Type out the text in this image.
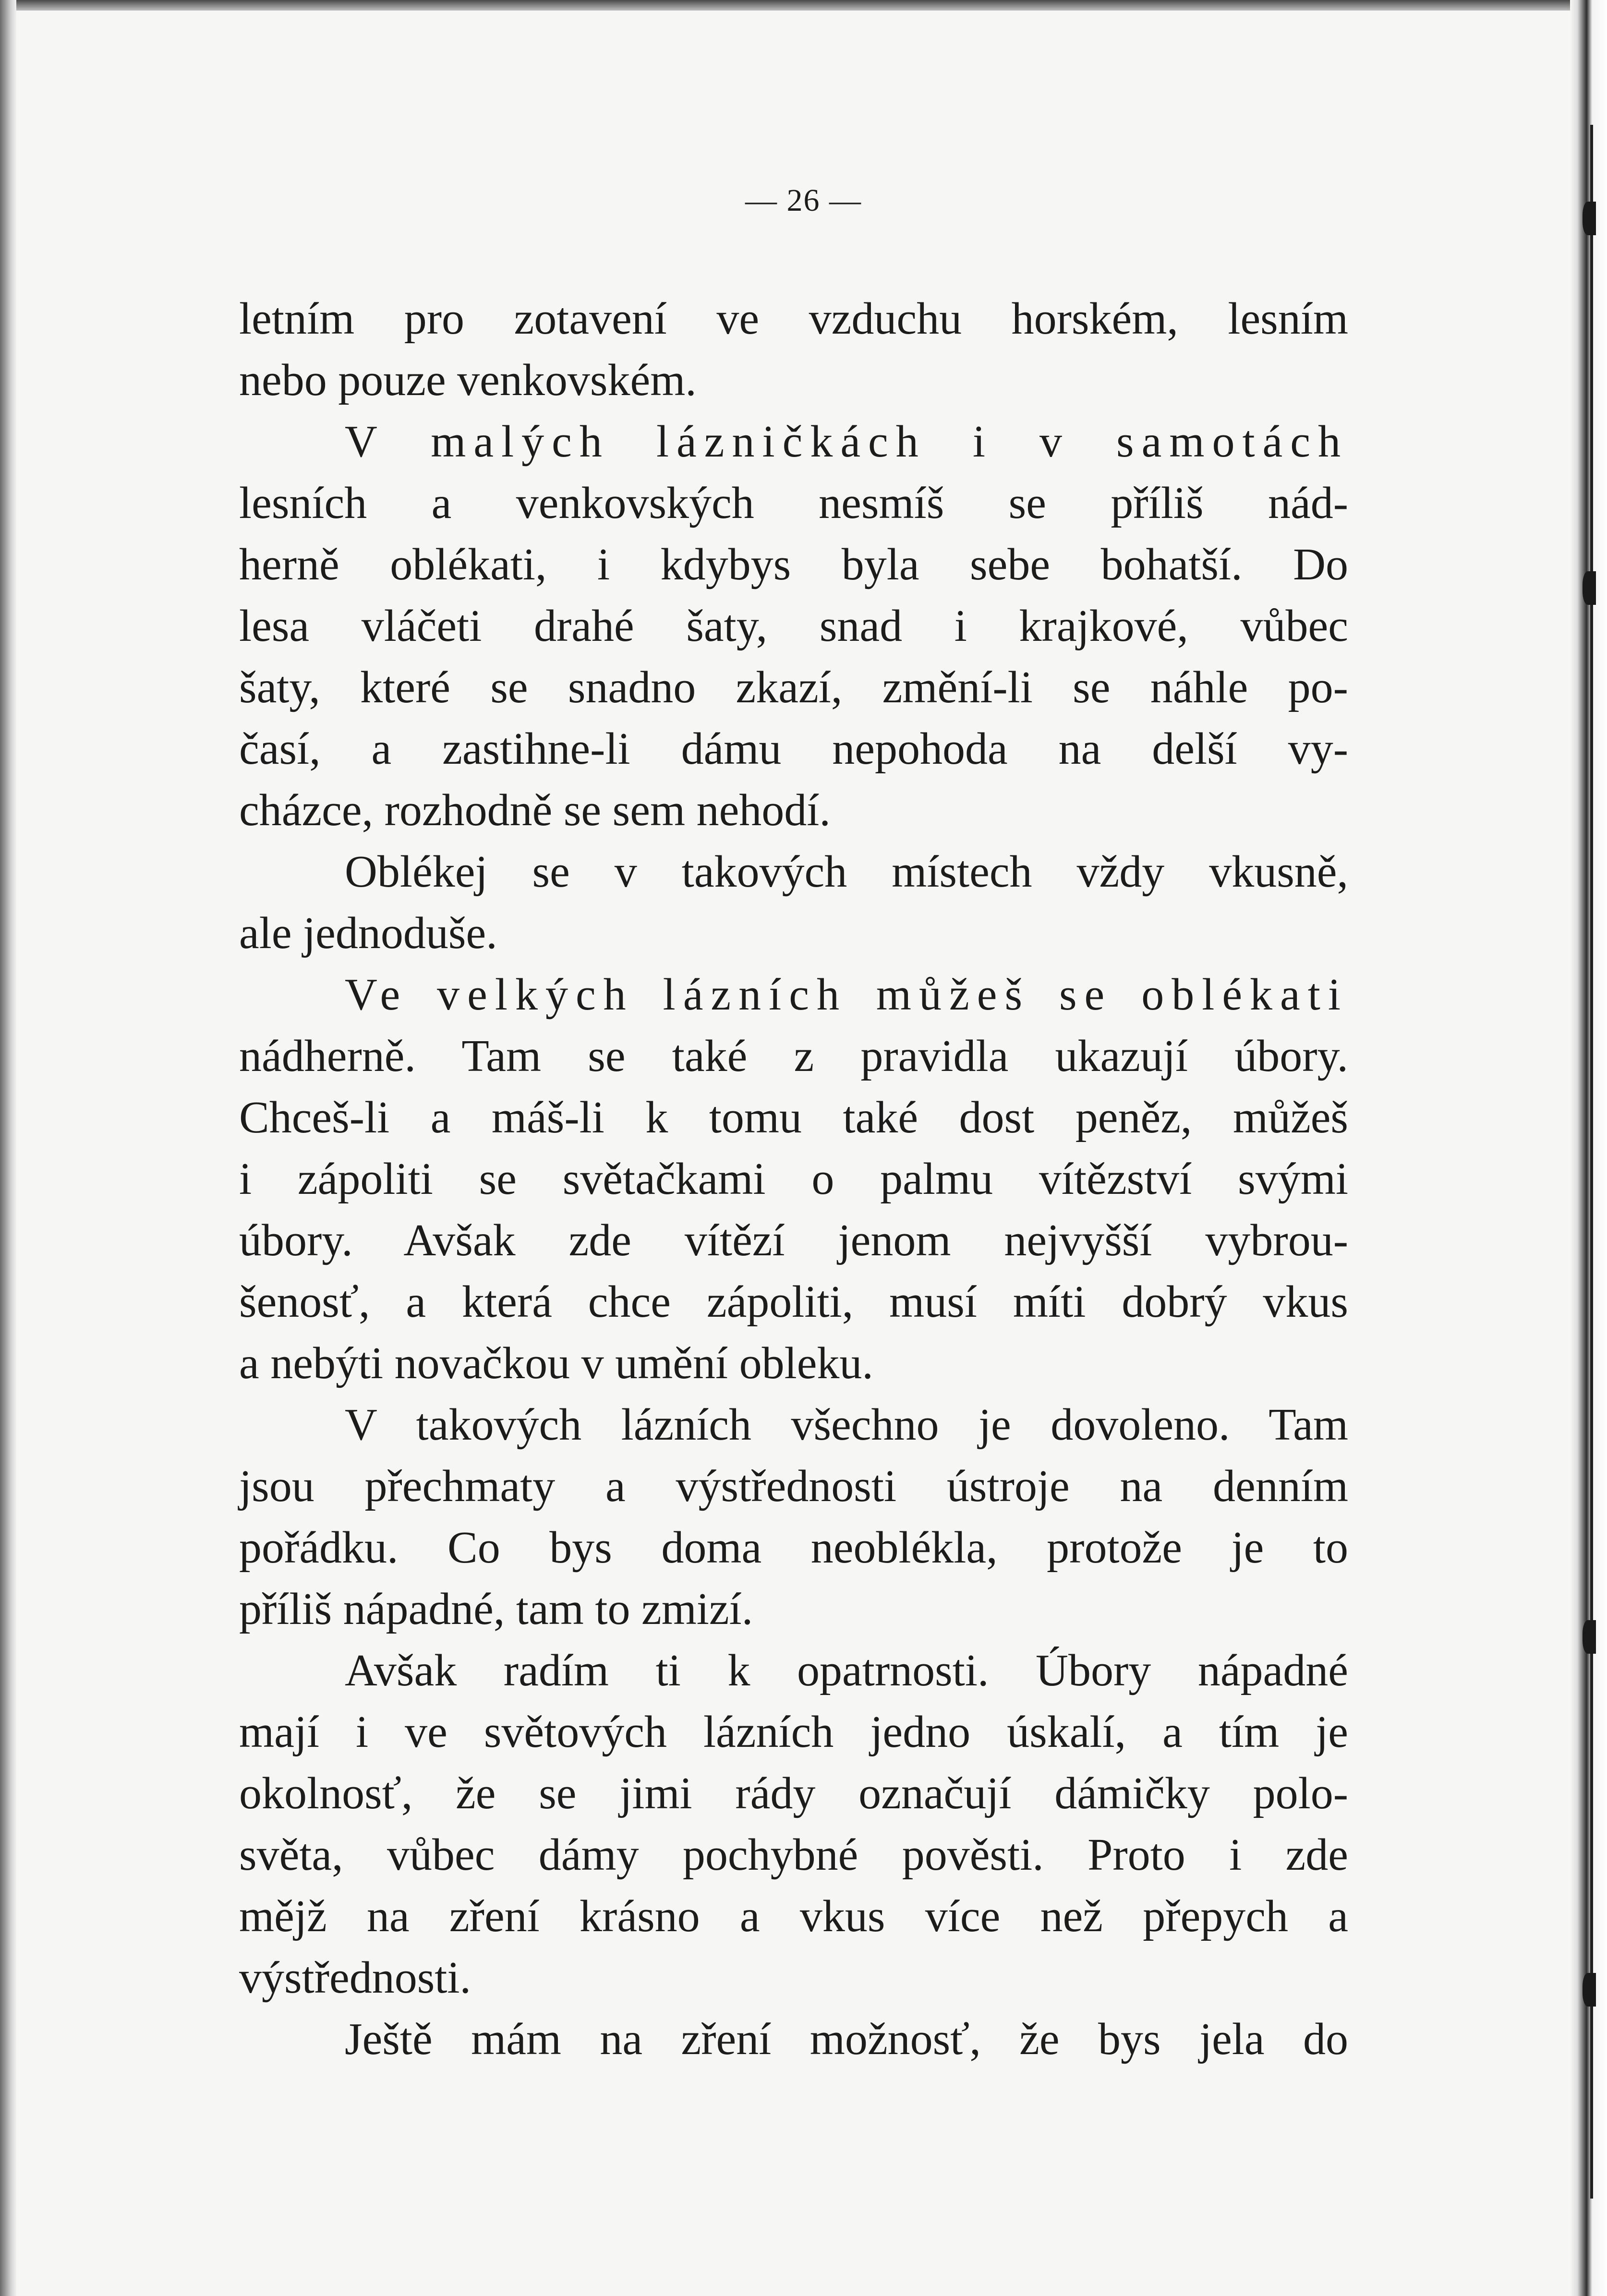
— 26 —
letním pro zotavení ve vzduchu horském, lesním
nebo pouze venkovském.
V malých lázničkách i v samotách
lesních a venkovských nesmíš se příliš nád-
herně oblékati, i kdybys byla sebe bohatší. Do
lesa vláčeti drahé šaty, snad i krajkové, vůbec
šaty, které se snadno zkazí, změní-li se náhle po-
časí, a zastihne-li dámu nepohoda na delší vy-
cházce, rozhodně se sem nehodí.
Oblékej se v takových místech vždy vkusně,
ale jednoduše.
Ve velkých lázních můžeš se oblékati
nádherně. Tam se také z pravidla ukazují úbory.
Chceš-li a máš-li k tomu také dost peněz, můžeš
i zápoliti se světačkami o palmu vítězství svými
úbory. Avšak zde vítězí jenom nejvyšší vybrou-
šenosť, a která chce zápoliti, musí míti dobrý vkus
a nebýti novačkou v umění obleku.
V takových lázních všechno je dovoleno. Tam
jsou přechmaty a výstřednosti ústroje na denním
pořádku. Co bys doma neoblékla, protože je to
příliš nápadné, tam to zmizí.
Avšak radím ti k opatrnosti. Úbory nápadné
mají i ve světových lázních jedno úskalí, a tím je
okolnosť, že se jimi rády označují dámičky polo-
světa, vůbec dámy pochybné pověsti. Proto i zde
mějž na zření krásno a vkus více než přepych a
výstřednosti.
Ještě mám na zření možnosť, že bys jela do
